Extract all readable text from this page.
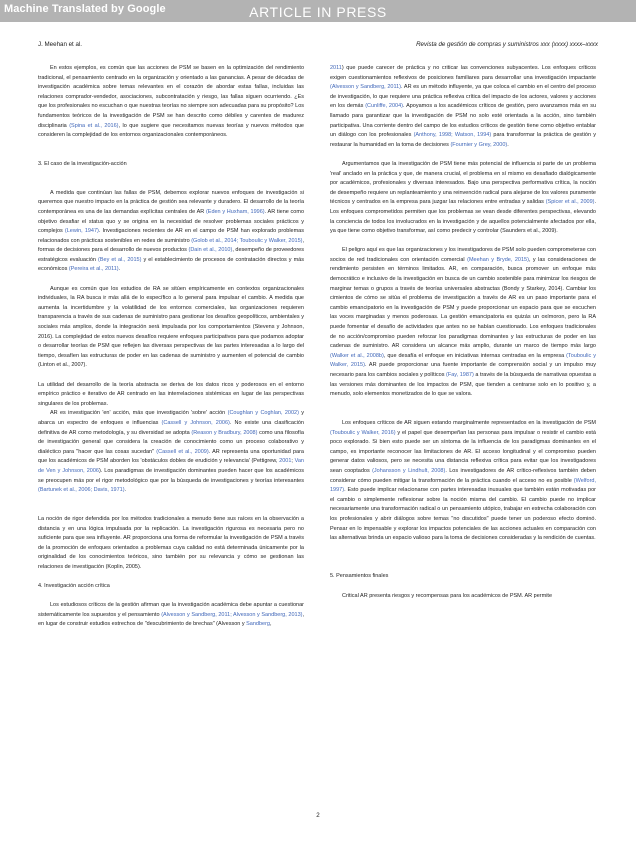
Machine Translated by Google	ARTICLE IN PRESS
J. Meehan et al.	Revista de gestión de compras y suministros xxx (xxxx) xxxx–xxxx

En estos ejemplos, es común que las acciones de PSM se basen en la optimización del rendimiento tradicional, el pensamiento centrado en la organización y orientado a las ganancias. A pesar de décadas de investigación académica sobre temas relevantes en el corazón de abordar estas fallas, incluidas las relaciones comprador-vendedor, asociaciones, subcontratación y riesgo, las fallas siguen ocurriendo. ¿Es que los profesionales no escuchan o que nuestras teorías no siempre son adecuadas para su propósito? Los fundamentos teóricos de la investigación de PSM se han descrito como débiles y carentes de madurez disciplinaria (Spina et al., 2016), lo que sugiere que necesitamos nuevas teorías y nuevos métodos que consideren la complejidad de los entornos organizacionales contemporáneos.

3. El caso de la investigación-acción

A medida que continúan las fallas de PSM, debemos explorar nuevos enfoques de investigación si queremos que nuestro impacto en la práctica de gestión sea relevante y duradero. El desarrollo de la teoría contemporánea es una de las demandas explícitas centrales de AR (Eden y Huxham, 1996). AR tiene como objetivo desafiar el status quo y se origina en la necesidad de resolver problemas sociales prácticos y complejos (Lewin, 1947). Investigaciones recientes de AR en el campo de PSM han explorado problemas relacionados con prácticas sostenibles en redes de suministro (Golob et al., 2014; Touboulic y Walker, 2015), formas de decisiones para el desarrollo de nuevos productos (Dain et al., 2010), desempeño de proveedores estratégicos evaluación (Bey et al., 2015) y el establecimiento de procesos de contratación directos y más económicos (Pereira et al., 2011).

Aunque es común que los estudios de RA se sitúen empíricamente en contextos organizacionales individuales, la RA busca ir más allá de lo específico a lo general para impulsar el cambio. A medida que aumenta la incertidumbre y la volatilidad de los entornos comerciales, las organizaciones requieren transparencia a través de sus cadenas de suministro para gestionar los desafíos geopolíticos, ambientales y sociales más amplios, donde la integración será impulsada por los comportamientos (Stevens y Johnson, 2016). La complejidad de estos nuevos desafíos requiere enfoques participativos para que podamos adoptar o desarrollar teorías de PSM que reflejen las diversas perspectivas de las partes interesadas a lo largo del tiempo, desafíen las estructuras de poder en las cadenas de suministro y aumenten el potencial de cambio (Linton et al., 2007).

La utilidad del desarrollo de la teoría abstracta se deriva de los datos ricos y poderosos en el entorno empírico práctico e iterativo de AR centrado en las interrelaciones sistémicas en lugar de las perspectivas singulares de los problemas.

AR es investigación 'en' acción, más que investigación 'sobre' acción (Coughlan y Coghlan, 2002) y abarca un espectro de enfoques e influencias (Cassell y Johnson, 2006). No existe una clasificación definitiva de AR como metodología, y su diversidad se adopta (Reason y Bradbury, 2008) como una filosofía de investigación general que considera la creación de conocimiento como un proceso colaborativo y dialéctico para "hacer que las cosas sucedan" (Cassell et al., 2009). AR representa una oportunidad para que los académicos de PSM aborden los 'obstáculos dobles de erudición y relevancia' (Pettigrew, 2001; Van de Ven y Johnson, 2006). Los paradigmas de investigación dominantes pueden hacer que los académicos se preocupen más por el rigor metodológico que por la búsqueda de investigaciones y teorías interesantes (Bartunek et al., 2006; Davis, 1971).

La noción de rigor defendida por los métodos tradicionales a menudo tiene sus raíces en la observación a distancia y en una lógica impulsada por la replicación. La investigación rigurosa es necesaria pero no suficiente para que sea influyente. AR proporciona una forma de reformular la investigación de PSM a través de la promoción de enfoques orientados a problemas cuya calidad no está determinada únicamente por la originalidad de los conocimientos teóricos, sino también por su relevancia y cómo se gestionan las relaciones de investigación (Koplin, 2005).

4. Investigación acción crítica

Los estudiosos críticos de la gestión afirman que la investigación académica debe apuntar a cuestionar sistemáticamente los supuestos y el pensamiento (Alvesson y Sandberg, 2011; Alvesson y Sandberg, 2013), en lugar de construir estudios estrechos de "descubrimiento de brechas" (Alvesson y Sandberg,

2011) que puede carecer de práctica y no criticar las convenciones subyacentes. Los enfoques críticos exigen cuestionamientos reflexivos de posiciones familiares para desarrollar una investigación impactante (Alvesson y Sandberg, 2011). AR es un método influyente, ya que coloca el cambio en el centro del proceso de investigación, lo que requiere una práctica reflexiva crítica del impacto de los actores, valores y acciones en los demás (Cunliffe, 2004). Apoyamos a los académicos críticos de gestión, pero avanzamos más en su llamado para garantizar que la investigación de PSM no solo esté orientada a la acción, sino también participativa. Una corriente dentro del campo de los estudios críticos de gestión tiene como objetivo entablar un diálogo con los profesionales (Anthony, 1998; Watson, 1994) para transformar la práctica de gestión y restaurar la humanidad en la toma de decisiones (Fournier y Grey, 2000).

Argumentamos que la investigación de PSM tiene más potencial de influencia si parte de un problema 'real' anclado en la práctica y que, de manera crucial, el problema en sí mismo es desafiado dialógicamente por académicos, profesionales y diversas interesados. Bajo una perspectiva performativa crítica, la noción de desempeño requiere un replanteamiento y una reinvención radical para alejarse de los valores puramente técnicos y centrados en la empresa para juzgar las relaciones entre entradas y salidas (Spicer et al., 2009). Los enfoques comprometidos permiten que los problemas se vean desde diferentes perspectivas, elevando la conciencia de todos los involucrados en la investigación y de aquellos potencialmente afectados por ella, ya que tiene como objetivo transformar, así como predecir y controlar (Saunders et al., 2009).

El peligro aquí es que las organizaciones y los investigadores de PSM solo pueden comprometerse con socios de red tradicionales con orientación comercial (Meehan y Bryde, 2015), y las consideraciones de rendimiento persisten en términos limitados. AR, en comparación, busca promover un enfoque más democrático e inclusivo de la investigación en busca de un cambio sostenible para minimizar los riesgos de marginar temas o grupos a través de teorías universales abstractas (Bondy y Starkey, 2014). Cambiar los cimientos de cómo se sitúa el problema de investigación a través de AR es un paso importante para el cambio emancipatorio en la investigación de PSM y puede proporcionar un espacio para que se escuchen las voces marginadas y menos poderosas. La gestión emancipatoria es quizás un oxímoron, pero la RA puede fomentar el desafío de actividades que antes no se habían cuestionado. Los enfoques tradicionales de no acción/compromiso pueden reforzar los paradigmas dominantes y las estructuras de poder en las cadenas de suministro. AR considera un alcance más amplio, durante un marco de tiempo más largo (Walker et al., 2008b), que desafía el enfoque en iniciativas internas centradas en la empresa (Touboulic y Walker, 2015). AR puede proporcionar una fuente importante de comprensión social y un impulso muy necesario para los cambios sociales y políticos (Fay, 1987) a través de la búsqueda de narrativas opuestas a las versiones más dominantes de los impactos de PSM, que tienden a centrarse solo en lo positivo y, a menudo, solo elementos monetizados de lo que se valora.

Los enfoques críticos de AR siguen estando marginalmente representados en la investigación de PSM (Touboulic y Walker, 2016) y el papel que desempeñan las personas para impulsar o resistir el cambio está poco explorado. Si bien esto puede ser un síntoma de la influencia de los paradigmas dominantes en el campo, es importante reconocer las limitaciones de AR. El acceso longitudinal y el compromiso pueden generar datos valiosos, pero se necesita una distancia reflexiva crítica para evitar que los investigadores sean cooptados (Johansson y Lindhult, 2008). Los investigadores de AR crítico-reflexivos también deben considerar cómo pueden mitigar la transformación de la práctica cuando el acceso no es posible (Welford, 1997). Esto puede implicar relacionarse con partes interesadas inusuales que también están motivadas por el cambio o simplemente reflexionar sobre la noción misma del cambio. El cambio puede no implicar necesariamente una transformación radical o un pensamiento utópico, trabajar en estrecha colaboración con los profesionales y abrir diálogos sobre temas "no discutidos" puede tener un poderoso efecto dominó. Pensar en lo impensable y explorar los impactos potenciales de las acciones actuales en comparación con las alternativas brinda un espacio valioso para la toma de decisiones consideradas y la rendición de cuentas.

5. Pensamientos finales

Critical AR presenta riesgos y recompensas para los académicos de PSM. AR permite

2
